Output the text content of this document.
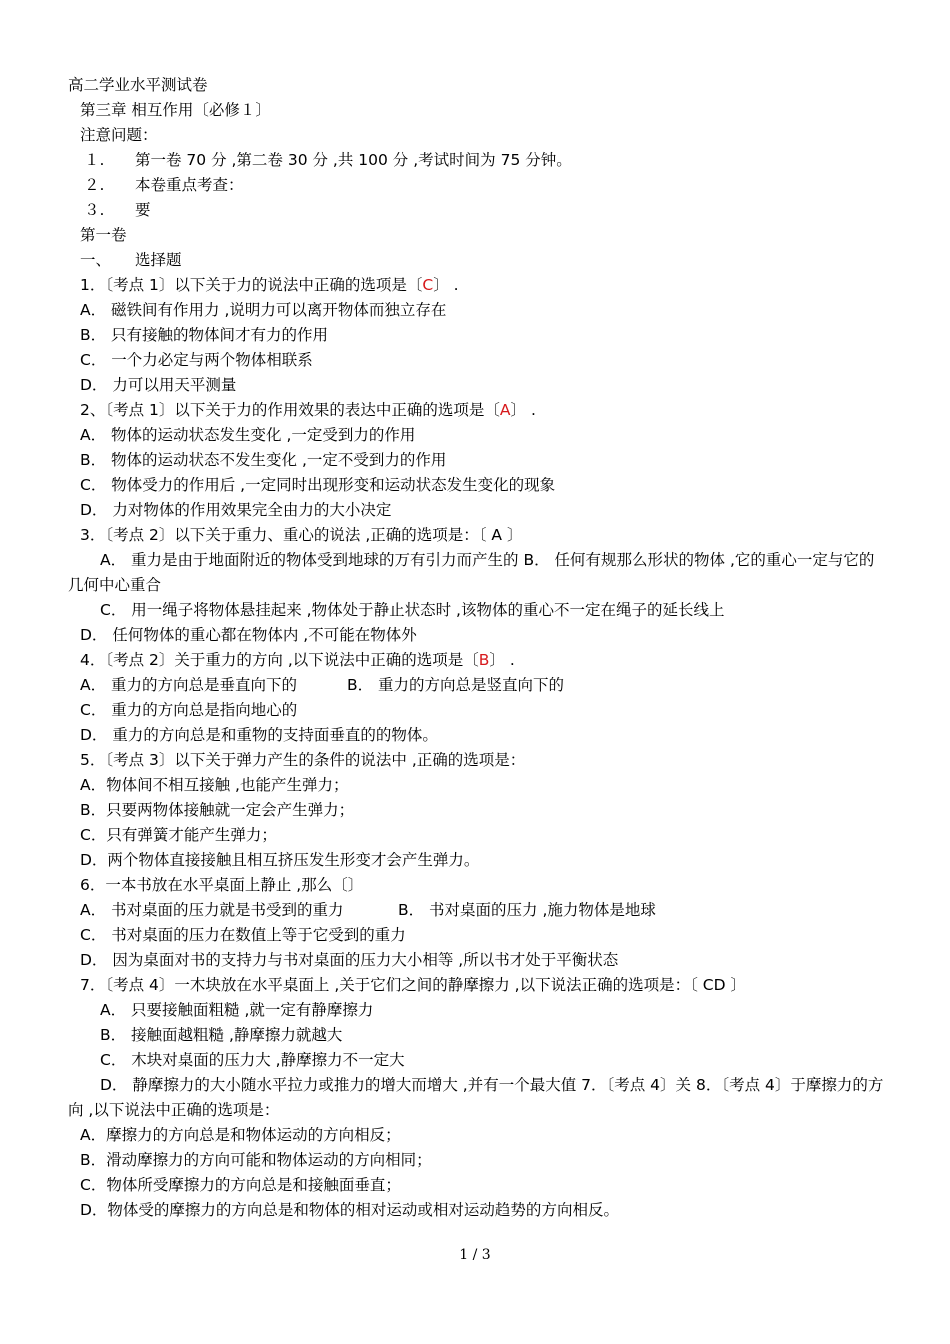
高二学业水平测试卷
第三章 相互作用〔必修１〕
注意问题：
１. 第一卷 70 分 ,第二卷 30 分 ,共 100 分 ,考试时间为 75 分钟。
２. 本卷重点考查：
３. 要
第一卷
一、 选择题
1．〔考点 1〕以下关于力的说法中正确的选项是〔C〕 .
A． 磁铁间有作用力 ,说明力可以离开物体而独立存在
B． 只有接触的物体间才有力的作用
C． 一个力必定与两个物体相联系
D． 力可以用天平测量
2、〔考点 1〕以下关于力的作用效果的表达中正确的选项是〔A〕 .
A． 物体的运动状态发生变化 ,一定受到力的作用
B． 物体的运动状态不发生变化 ,一定不受到力的作用
C． 物体受力的作用后 ,一定同时出现形变和运动状态发生变化的现象
D． 力对物体的作用效果完全由力的大小决定
3．〔考点 2〕以下关于重力、重心的说法 ,正确的选项是：〔 A 〕
A． 重力是由于地面附近的物体受到地球的万有引力而产生的 B． 任何有规那么形状的物体 ,它的重心一定与它的几何中心重合
C． 用一绳子将物体悬挂起来 ,物体处于静止状态时 ,该物体的重心不一定在绳子的延长线上
D． 任何物体的重心都在物体内 ,不可能在物体外
4．〔考点 2〕关于重力的方向 ,以下说法中正确的选项是〔B〕 .
A． 重力的方向总是垂直向下的	B． 重力的方向总是竖直向下的
C． 重力的方向总是指向地心的
D． 重力的方向总是和重物的支持面垂直的的物体。
5．〔考点 3〕以下关于弹力产生的条件的说法中 ,正确的选项是：
A．物体间不相互接触 ,也能产生弹力；
B．只要两物体接触就一定会产生弹力；
C．只有弹簧才能产生弹力；
D．两个物体直接接触且相互挤压发生形变才会产生弹力。
6．一本书放在水平桌面上静止 ,那么〔〕
A． 书对桌面的压力就是书受到的重力	B． 书对桌面的压力 ,施力物体是地球
C． 书对桌面的压力在数值上等于它受到的重力
D． 因为桌面对书的支持力与书对桌面的压力大小相等 ,所以书才处于平衡状态
7．〔考点 4〕一木块放在水平桌面上 ,关于它们之间的静摩擦力 ,以下说法正确的选项是：〔 CD 〕
A． 只要接触面粗糙 ,就一定有静摩擦力
B． 接触面越粗糙 ,静摩擦力就越大
C． 木块对桌面的压力大 ,静摩擦力不一定大
D． 静摩擦力的大小随水平拉力或推力的增大而增大 ,并有一个最大值 7．〔考点 4〕关 8．〔考点 4〕于摩擦力的方向 ,以下说法中正确的选项是：
A．摩擦力的方向总是和物体运动的方向相反；
B．滑动摩擦力的方向可能和物体运动的方向相同；
C．物体所受摩擦力的方向总是和接触面垂直；
D．物体受的摩擦力的方向总是和物体的相对运动或相对运动趋势的方向相反。
1 / 3
